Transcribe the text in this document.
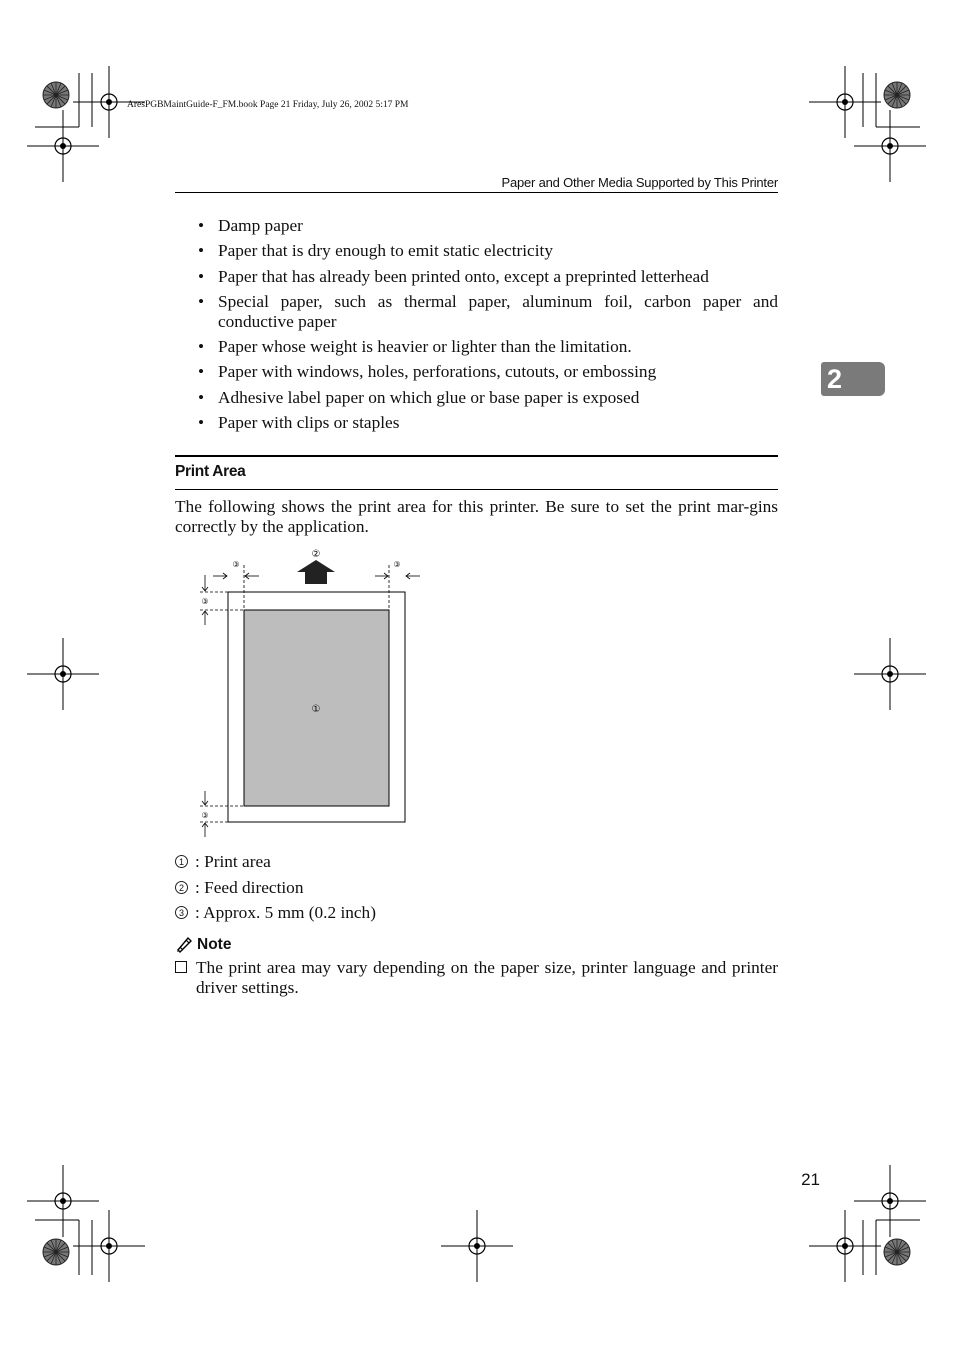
AresPGBMaintGuide-F_FM.book Page 21 Friday, July 26, 2002 5:17 PM
Paper and Other Media Supported by This Printer
2
• Damp paper
• Paper that is dry enough to emit static electricity
• Paper that has already been printed onto, except a preprinted letterhead
• Special paper, such as thermal paper, aluminum foil, carbon paper and conductive paper
• Paper whose weight is heavier or lighter than the limitation.
• Paper with windows, holes, perforations, cutouts, or embossing
• Adhesive label paper on which glue or base paper is exposed
• Paper with clips or staples
Print Area

The following shows the print area for this printer. Be sure to set the print mar-gins correctly by the application.

①
②
③	③
③
③
1 : Print area
2 : Feed direction
3 : Approx. 5 mm (0.2 inch)
Note
The print area may vary depending on the paper size, printer language and printer driver settings.
21
